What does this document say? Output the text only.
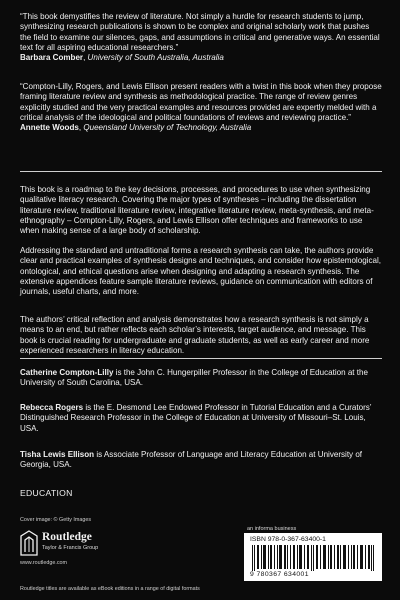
“This book demystifies the review of literature. Not simply a hurdle for research students to jump, synthesizing research publications is shown to be complex and original scholarly work that pushes the field to examine our silences, gaps, and assumptions in critical and generative ways. An essential text for all aspiring educational researchers.”
Barbara Comber, University of South Australia, Australia
“Compton-Lilly, Rogers, and Lewis Ellison present readers with a twist in this book when they propose framing literature review and synthesis as methodological practice. The range of review genres explicitly studied and the very practical examples and resources provided are expertly melded with a critical analysis of the ideological and political foundations of reviews and reviewing practice.”
Annette Woods, Queensland University of Technology, Australia

This book is a roadmap to the key decisions, processes, and procedures to use when synthesizing qualitative literacy research. Covering the major types of syntheses – including the dissertation literature review, traditional literature review, integrative literature review, meta-synthesis, and meta-ethnography – Compton-Lilly, Rogers, and Lewis Ellison offer techniques and frameworks to use when making sense of a large body of scholarship.

Addressing the standard and untraditional forms a research synthesis can take, the authors provide clear and practical examples of synthesis designs and techniques, and consider how epistemological, ontological, and ethical questions arise when designing and adapting a research synthesis. The extensive appendices feature sample literature reviews, guidance on communication with editors of journals, useful charts, and more.

The authors’ critical reflection and analysis demonstrates how a research synthesis is not simply a means to an end, but rather reflects each scholar’s interests, target audience, and message. This book is crucial reading for undergraduate and graduate students, as well as early career and more experienced researchers in literacy education.

Catherine Compton-Lilly is the John C. Hungerpiller Professor in the College of Education at the University of South Carolina, USA.

Rebecca Rogers is the E. Desmond Lee Endowed Professor in Tutorial Education and a Curators’ Distinguished Research Professor in the College of Education at University of Missouri–St. Louis, USA.

Tisha Lewis Ellison is Associate Professor of Language and Literacy Education at University of Georgia, USA.

EDUCATION
Cover image: © Getty Images
Routledge
Taylor & Francis Group
www.routledge.com
an informa business
ISBN 978-0-367-63400-1
9 780367 634001
Routledge titles are available as eBook editions in a range of digital formats
